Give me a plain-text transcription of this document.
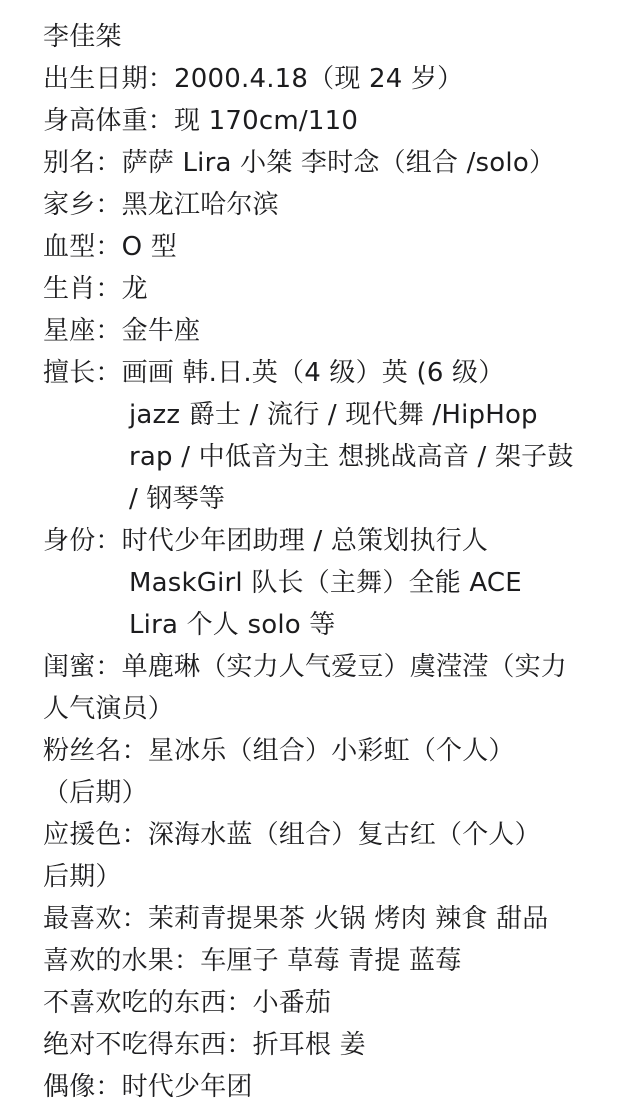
李佳桀
出生日期：2000.4.18（现 24 岁）
身高体重：现 170cm/110
别名：萨萨 Lira 小桀 李时念（组合 /solo）
家乡：黑龙江哈尔滨
血型：O 型
生肖：龙
星座：金牛座
擅长：画画 韩.日.英（4 级）英 (6 级）
jazz 爵士 / 流行 / 现代舞 /HipHop
rap / 中低音为主 想挑战高音 / 架子鼓
/ 钢琴等
身份：时代少年团助理 / 总策划执行人
MaskGirl 队长（主舞）全能 ACE
Lira 个人 solo 等
闺蜜：单鹿琳（实力人气爱豆）虞滢滢（实力
人气演员）
粉丝名：星冰乐（组合）小彩虹（个人）
（后期）
应援色：深海水蓝（组合）复古红（个人）
后期）
最喜欢：茉莉青提果茶 火锅 烤肉 辣食 甜品
喜欢的水果：车厘子 草莓 青提 蓝莓
不喜欢吃的东西：小番茄
绝对不吃得东西：折耳根 姜
偶像：时代少年团
